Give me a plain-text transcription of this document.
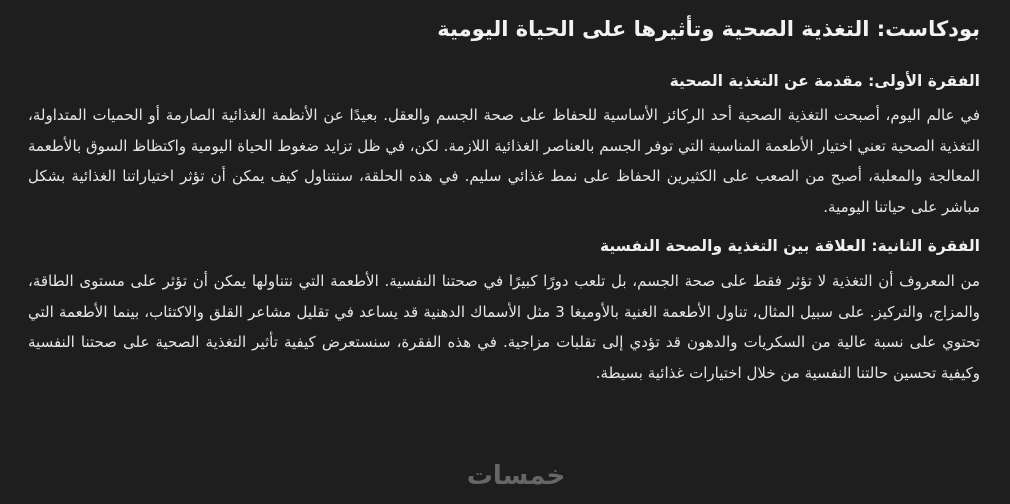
بودكاست: التغذية الصحية وتأثيرها على الحياة اليومية
الفقرة الأولى: مقدمة عن التغذية الصحية

في عالم اليوم، أصبحت التغذية الصحية أحد الركائز الأساسية للحفاظ على صحة الجسم والعقل. بعيدًا عن الأنظمة الغذائية الصارمة أو الحميات المتداولة، التغذية الصحية تعني اختيار الأطعمة المناسبة التي توفر الجسم بالعناصر الغذائية اللازمة. لكن، في ظل تزايد ضغوط الحياة اليومية واكتظاظ السوق بالأطعمة المعالجة والمعلبة، أصبح من الصعب على الكثيرين الحفاظ على نمط غذائي سليم. في هذه الحلقة، سنتناول كيف يمكن أن تؤثر اختياراتنا الغذائية بشكل مباشر على حياتنا اليومية.

الفقرة الثانية: العلاقة بين التغذية والصحة النفسية

من المعروف أن التغذية لا تؤثر فقط على صحة الجسم، بل تلعب دورًا كبيرًا في صحتنا النفسية. الأطعمة التي نتناولها يمكن أن تؤثر على مستوى الطاقة، والمزاج، والتركيز. على سبيل المثال، تناول الأطعمة الغنية بالأوميغا 3 مثل الأسماك الدهنية قد يساعد في تقليل مشاعر القلق والاكتئاب، بينما الأطعمة التي تحتوي على نسبة عالية من السكريات والدهون قد تؤدي إلى تقلبات مزاجية. في هذه الفقرة، سنستعرض كيفية تأثير التغذية الصحية على صحتنا النفسية وكيفية تحسين حالتنا النفسية من خلال اختيارات غذائية بسيطة.

خمسات
